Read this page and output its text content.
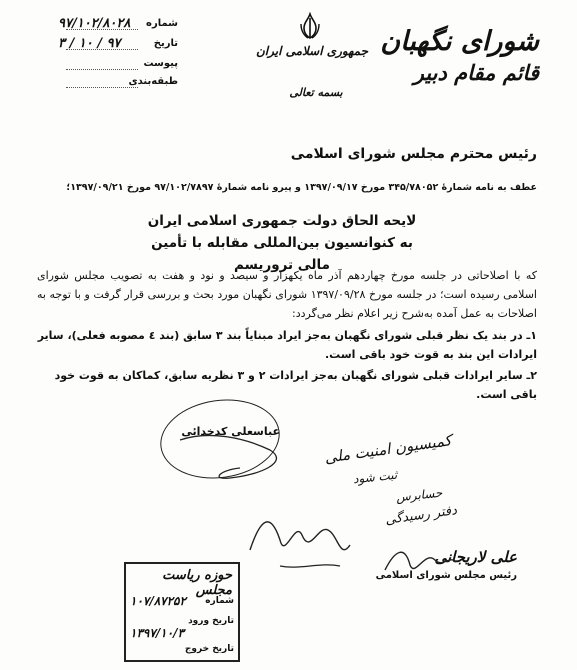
شورای نگهبان
قائم مقام دبیر
جمهوری اسلامی ایران
بسمه تعالی
شماره
۹۷/۱۰۲/۸۰۲۸
تاریخ
۹۷ / ۱۰ / ۳
پیوست
طبقه‌بندی
رئیس محترم مجلس شورای اسلامی
عطف به نامه شمارهٔ ۳۴۵/۷۸۰۵۲ مورخ ۱۳۹۷/۰۹/۱۷ و پیرو نامه شمارهٔ ۹۷/۱۰۲/۷۸۹۷ مورخ ۱۳۹۷/۰۹/۲۱؛
لایحه الحاق دولت جمهوری اسلامی ایران
به کنوانسیون بین‌المللی مقابله با تأمین مالی تروریسم
که با اصلاحاتی در جلسه مورخ چهاردهم آذر ماه یکهزار و سیصد و نود و هفت به تصویب مجلس شورای اسلامی رسیده است؛ در جلسه مورخ ۱۳۹۷/۰۹/۲۸ شورای نگهبان مورد بحث و بررسی قرار گرفت و با توجه به اصلاحات به عمل آمده به‌شرح زیر اعلام نظر می‌گردد:
۱ـ در بند یک نظر قبلی شورای نگهبان به‌جز ایراد مبنایاً بند ۳ سابق (بند ٤ مصوبه فعلی)، سایر ایرادات این بند به قوت خود باقی است.
۲ـ سایر ایرادات قبلی شورای نگهبان به‌جز ایرادات ۲ و ۳ نظریه سابق، کماکان به قوت خود باقی است.
عباسعلی کدخدائی	کمیسیون امنیت ملی
ثبت شود
حسابرس
دفتر رسیدگی
علی لاریجانی
رئیس مجلس شورای اسلامی
حوزه ریاست مجلس
شماره
۱۰۷/۸۷۲۵۲
تاریخ ورود
۱۳۹۷/۱۰/۳
تاریخ خروج
